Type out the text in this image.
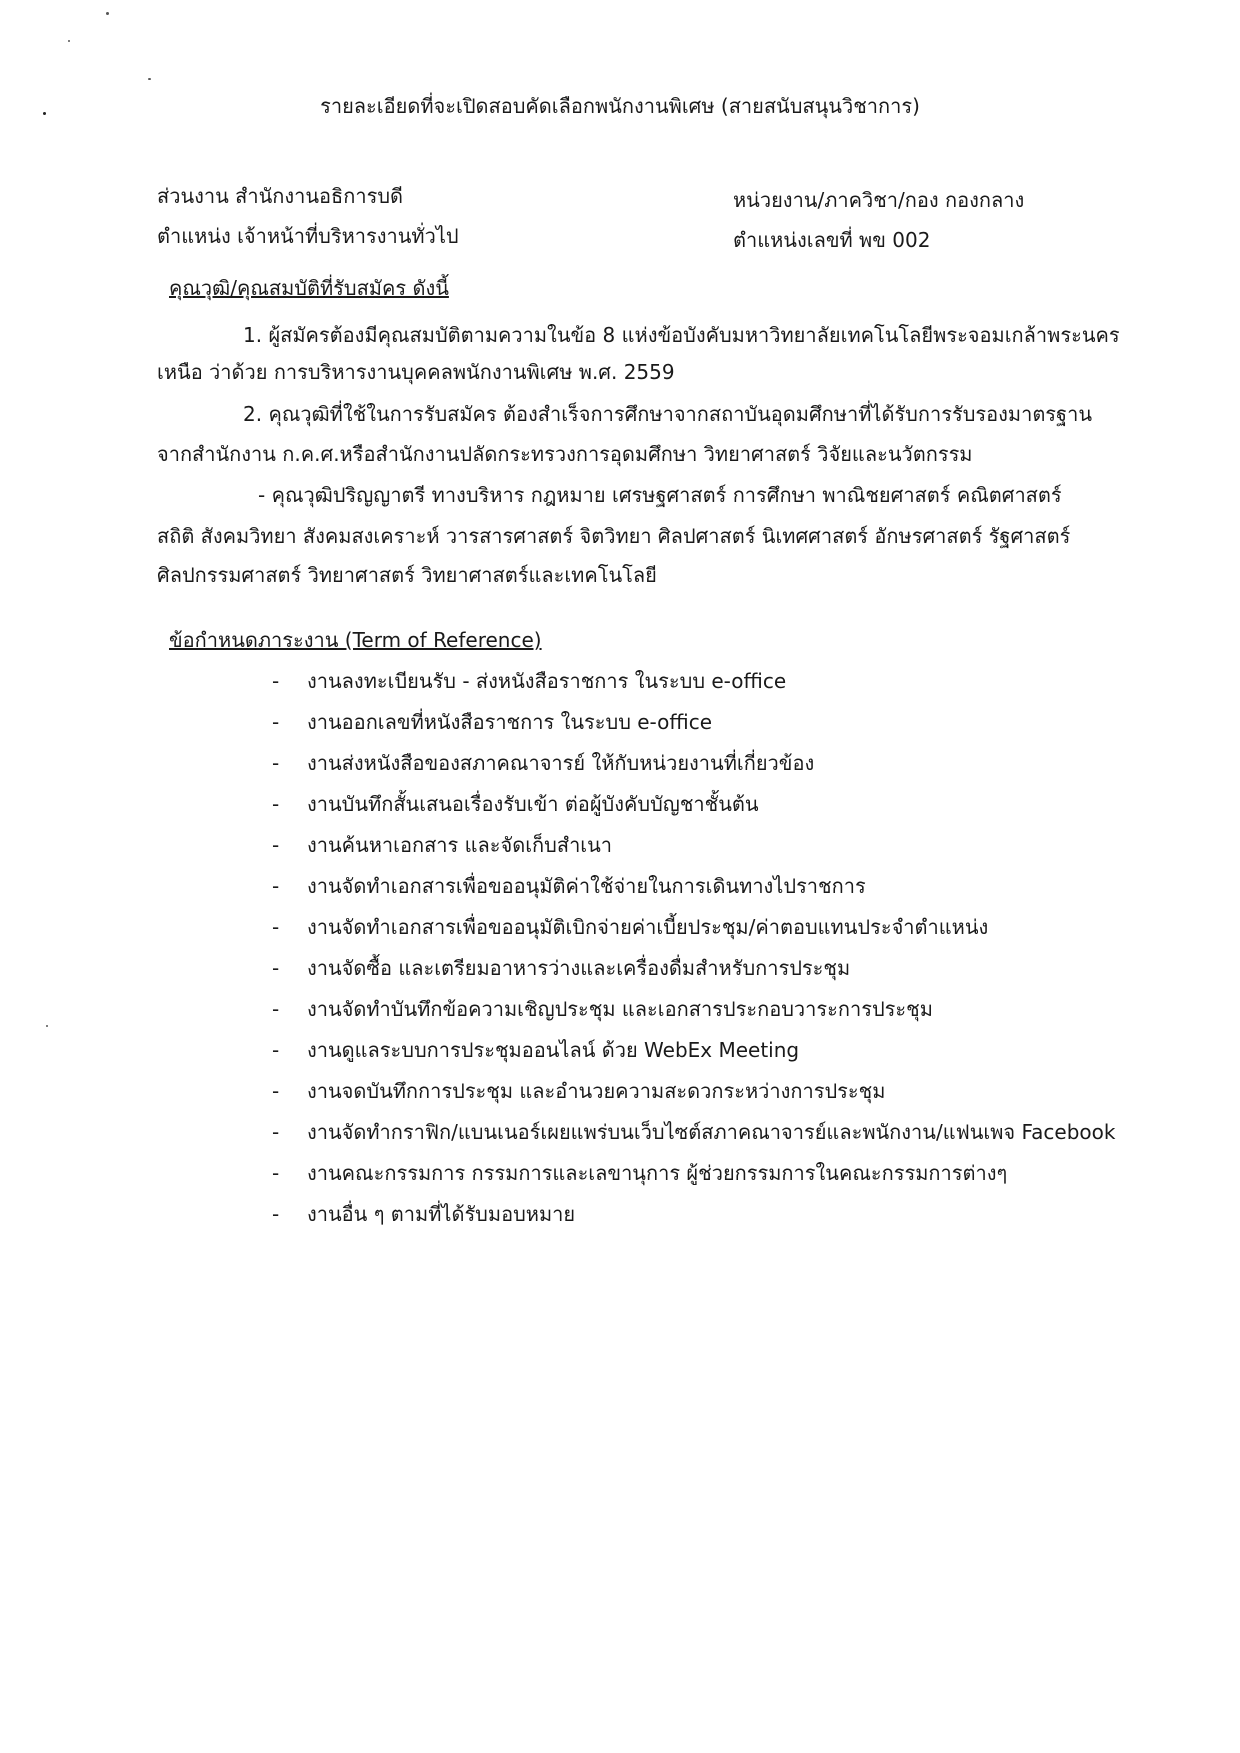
รายละเอียดที่จะเปิดสอบคัดเลือกพนักงานพิเศษ (สายสนับสนุนวิชาการ)
ส่วนงาน สำนักงานอธิการบดี	หน่วยงาน/ภาควิชา/กอง กองกลาง
ตำแหน่ง เจ้าหน้าที่บริหารงานทั่วไป	ตำแหน่งเลขที่ พข 002
คุณวุฒิ/คุณสมบัติที่รับสมัคร ดังนี้
1. ผู้สมัครต้องมีคุณสมบัติตามความในข้อ 8 แห่งข้อบังคับมหาวิทยาลัยเทคโนโลยีพระจอมเกล้าพระนคร
เหนือ ว่าด้วย การบริหารงานบุคคลพนักงานพิเศษ พ.ศ. 2559
2. คุณวุฒิที่ใช้ในการรับสมัคร ต้องสำเร็จการศึกษาจากสถาบันอุดมศึกษาที่ได้รับการรับรองมาตรฐาน
จากสำนักงาน ก.ค.ศ.หรือสำนักงานปลัดกระทรวงการอุดมศึกษา วิทยาศาสตร์ วิจัยและนวัตกรรม
- คุณวุฒิปริญญาตรี ทางบริหาร กฎหมาย เศรษฐศาสตร์ การศึกษา พาณิชยศาสตร์ คณิตศาสตร์
สถิติ สังคมวิทยา สังคมสงเคราะห์ วารสารศาสตร์ จิตวิทยา ศิลปศาสตร์ นิเทศศาสตร์ อักษรศาสตร์ รัฐศาสตร์
ศิลปกรรมศาสตร์ วิทยาศาสตร์ วิทยาศาสตร์และเทคโนโลยี
ข้อกำหนดภาระงาน (Term of Reference)
- งานลงทะเบียนรับ - ส่งหนังสือราชการ ในระบบ e-office
- งานออกเลขที่หนังสือราชการ ในระบบ e-office
- งานส่งหนังสือของสภาคณาจารย์ ให้กับหน่วยงานที่เกี่ยวข้อง
- งานบันทึกสั้นเสนอเรื่องรับเข้า ต่อผู้บังคับบัญชาชั้นต้น
- งานค้นหาเอกสาร และจัดเก็บสำเนา
- งานจัดทำเอกสารเพื่อขออนุมัติค่าใช้จ่ายในการเดินทางไปราชการ
- งานจัดทำเอกสารเพื่อขออนุมัติเบิกจ่ายค่าเบี้ยประชุม/ค่าตอบแทนประจำตำแหน่ง
- งานจัดซื้อ และเตรียมอาหารว่างและเครื่องดื่มสำหรับการประชุม
- งานจัดทำบันทึกข้อความเชิญประชุม และเอกสารประกอบวาระการประชุม
- งานดูแลระบบการประชุมออนไลน์ ด้วย WebEx Meeting
- งานจดบันทึกการประชุม และอำนวยความสะดวกระหว่างการประชุม
- งานจัดทำกราฟิก/แบนเนอร์เผยแพร่บนเว็บไซต์สภาคณาจารย์และพนักงาน/แฟนเพจ Facebook
- งานคณะกรรมการ กรรมการและเลขานุการ ผู้ช่วยกรรมการในคณะกรรมการต่างๆ
- งานอื่น ๆ ตามที่ได้รับมอบหมาย
